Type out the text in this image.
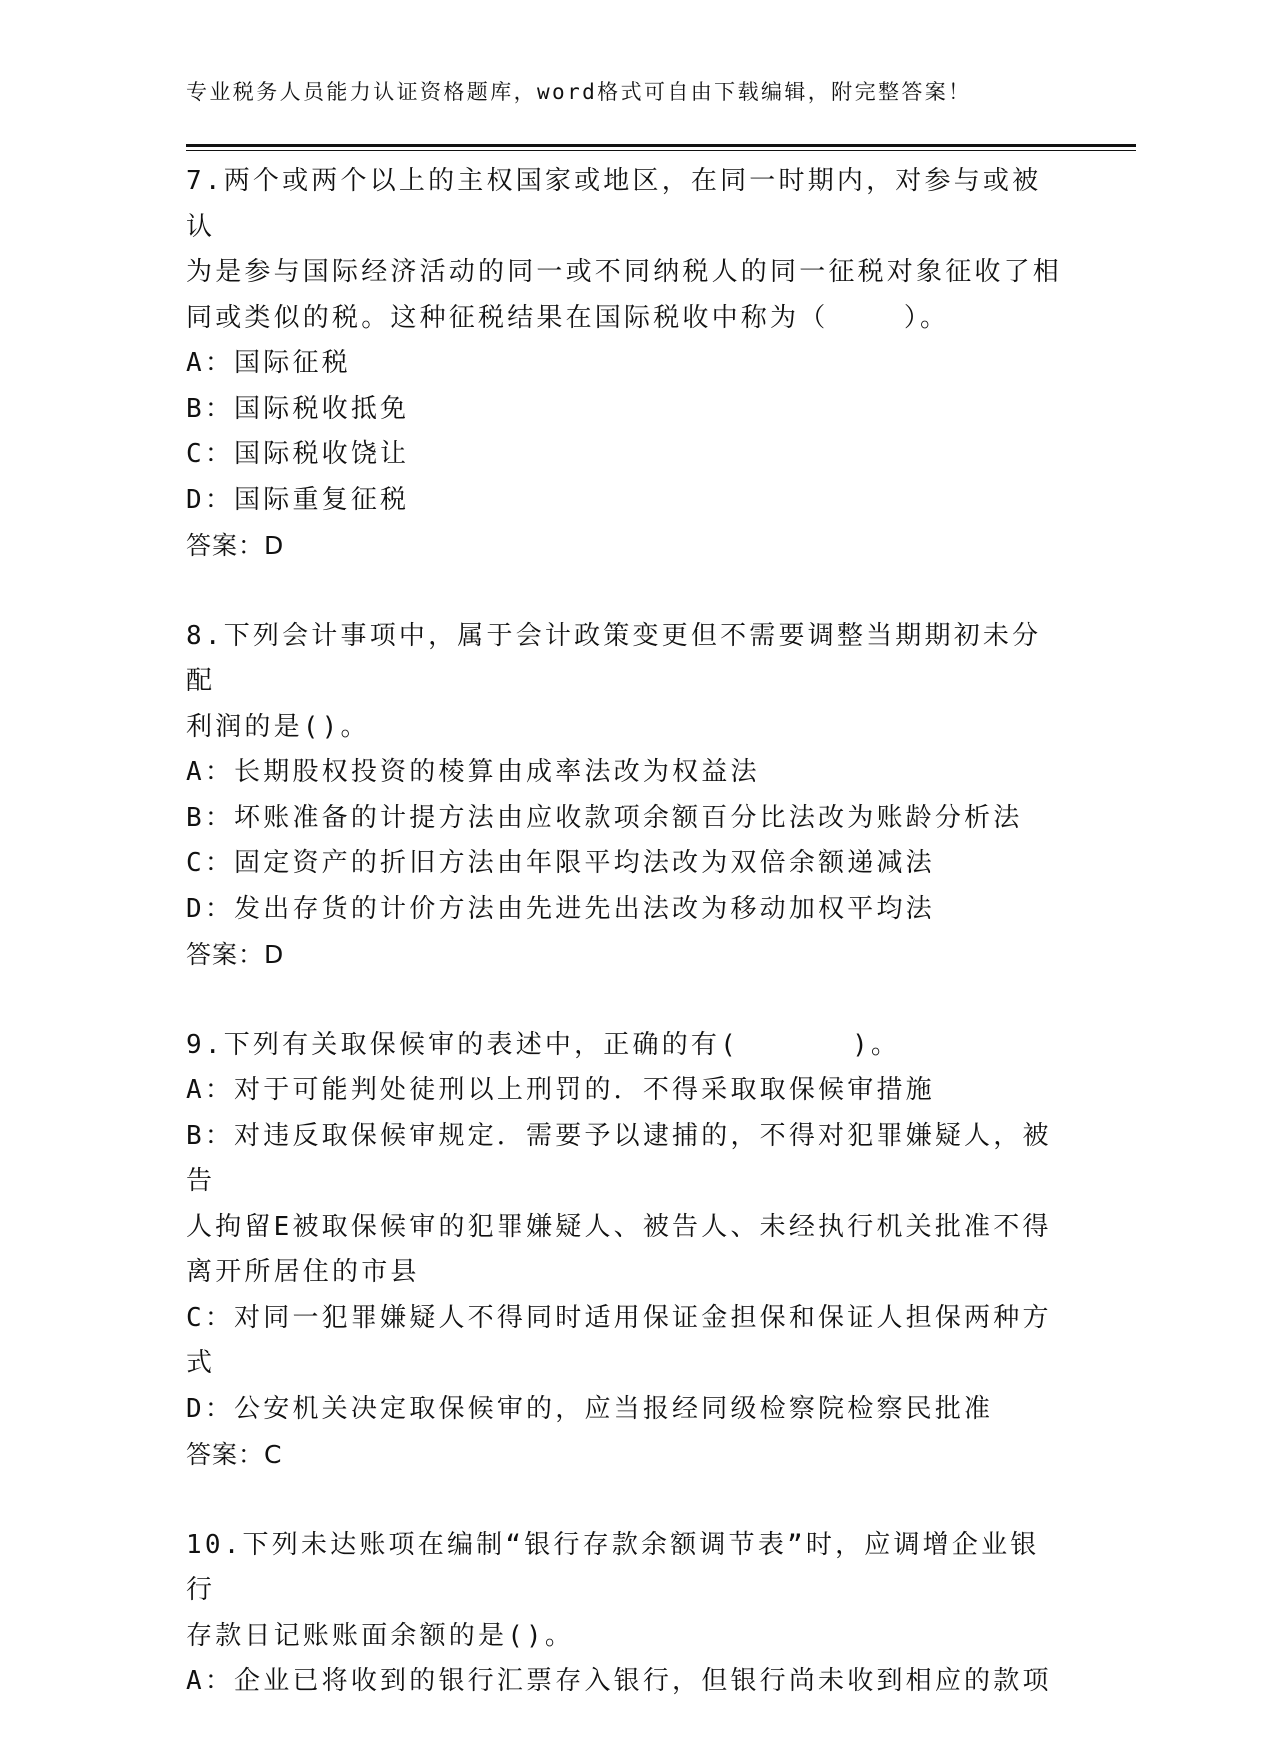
专业税务人员能力认证资格题库，word格式可自由下载编辑，附完整答案！

7.两个或两个以上的主权国家或地区，在同一时期内，对参与或被认

为是参与国际经济活动的同一或不同纳税人的同一征税对象征收了相

同或类似的税。这种征税结果在国际税收中称为（    ）。

A：国际征税

B：国际税收抵免

C：国际税收饶让

D：国际重复征税

答案：D

8.下列会计事项中，属于会计政策变更但不需要调整当期期初未分配

利润的是()。

A：长期股权投资的棱算由成率法改为权益法

B：坏账准备的计提方法由应收款项余额百分比法改为账龄分析法

C：固定资产的折旧方法由年限平均法改为双倍余额递减法

D：发出存货的计价方法由先进先出法改为移动加权平均法

答案：D

9.下列有关取保候审的表述中，正确的有(      )。

A：对于可能判处徒刑以上刑罚的．不得采取取保候审措施

B：对违反取保候审规定．需要予以逮捕的，不得对犯罪嫌疑人，被告

人拘留E被取保候审的犯罪嫌疑人、被告人、未经执行机关批准不得

离开所居住的市县

C：对同一犯罪嫌疑人不得同时适用保证金担保和保证人担保两种方式

D：公安机关决定取保候审的，应当报经同级检察院检察民批准

答案：C

10.下列未达账项在编制“银行存款余额调节表”时，应调增企业银行

存款日记账账面余额的是()。

A：企业已将收到的银行汇票存入银行，但银行尚未收到相应的款项
